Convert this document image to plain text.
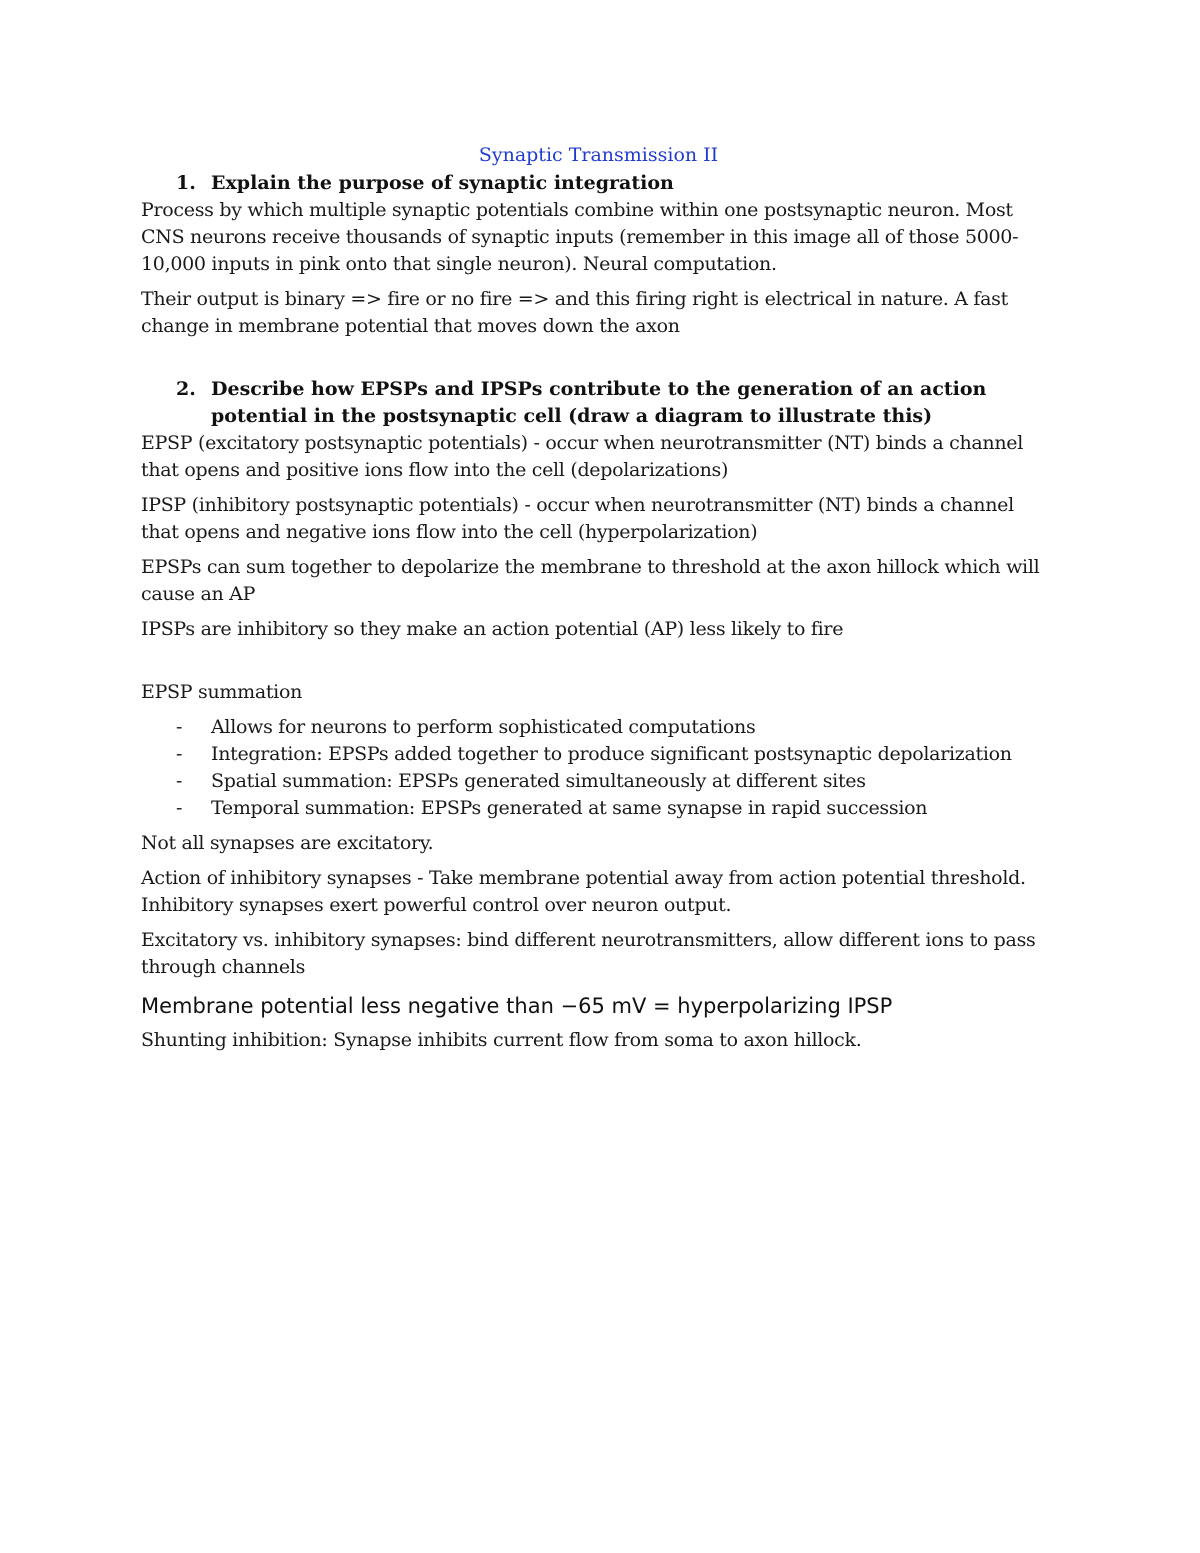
Synaptic Transmission II
1. Explain the purpose of synaptic integration

Process by which multiple synaptic potentials combine within one postsynaptic neuron. Most CNS neurons receive thousands of synaptic inputs (remember in this image all of those 5000-10,000 inputs in pink onto that single neuron). Neural computation.

Their output is binary => fire or no fire => and this firing right is electrical in nature. A fast change in membrane potential that moves down the axon

2. Describe how EPSPs and IPSPs contribute to the generation of an action potential in the postsynaptic cell (draw a diagram to illustrate this)

EPSP (excitatory postsynaptic potentials) - occur when neurotransmitter (NT) binds a channel that opens and positive ions flow into the cell (depolarizations)

IPSP (inhibitory postsynaptic potentials) - occur when neurotransmitter (NT) binds a channel that opens and negative ions flow into the cell (hyperpolarization)

EPSPs can sum together to depolarize the membrane to threshold at the axon hillock which will cause an AP

IPSPs are inhibitory so they make an action potential (AP) less likely to fire

EPSP summation

-	Allows for neurons to perform sophisticated computations
-	Integration: EPSPs added together to produce significant postsynaptic depolarization
-	Spatial summation: EPSPs generated simultaneously at different sites
-	Temporal summation: EPSPs generated at same synapse in rapid succession

Not all synapses are excitatory.

Action of inhibitory synapses - Take membrane potential away from action potential threshold. Inhibitory synapses exert powerful control over neuron output.

Excitatory vs. inhibitory synapses: bind different neurotransmitters, allow different ions to pass through channels

Membrane potential less negative than −65 mV = hyperpolarizing IPSP

Shunting inhibition: Synapse inhibits current flow from soma to axon hillock.
